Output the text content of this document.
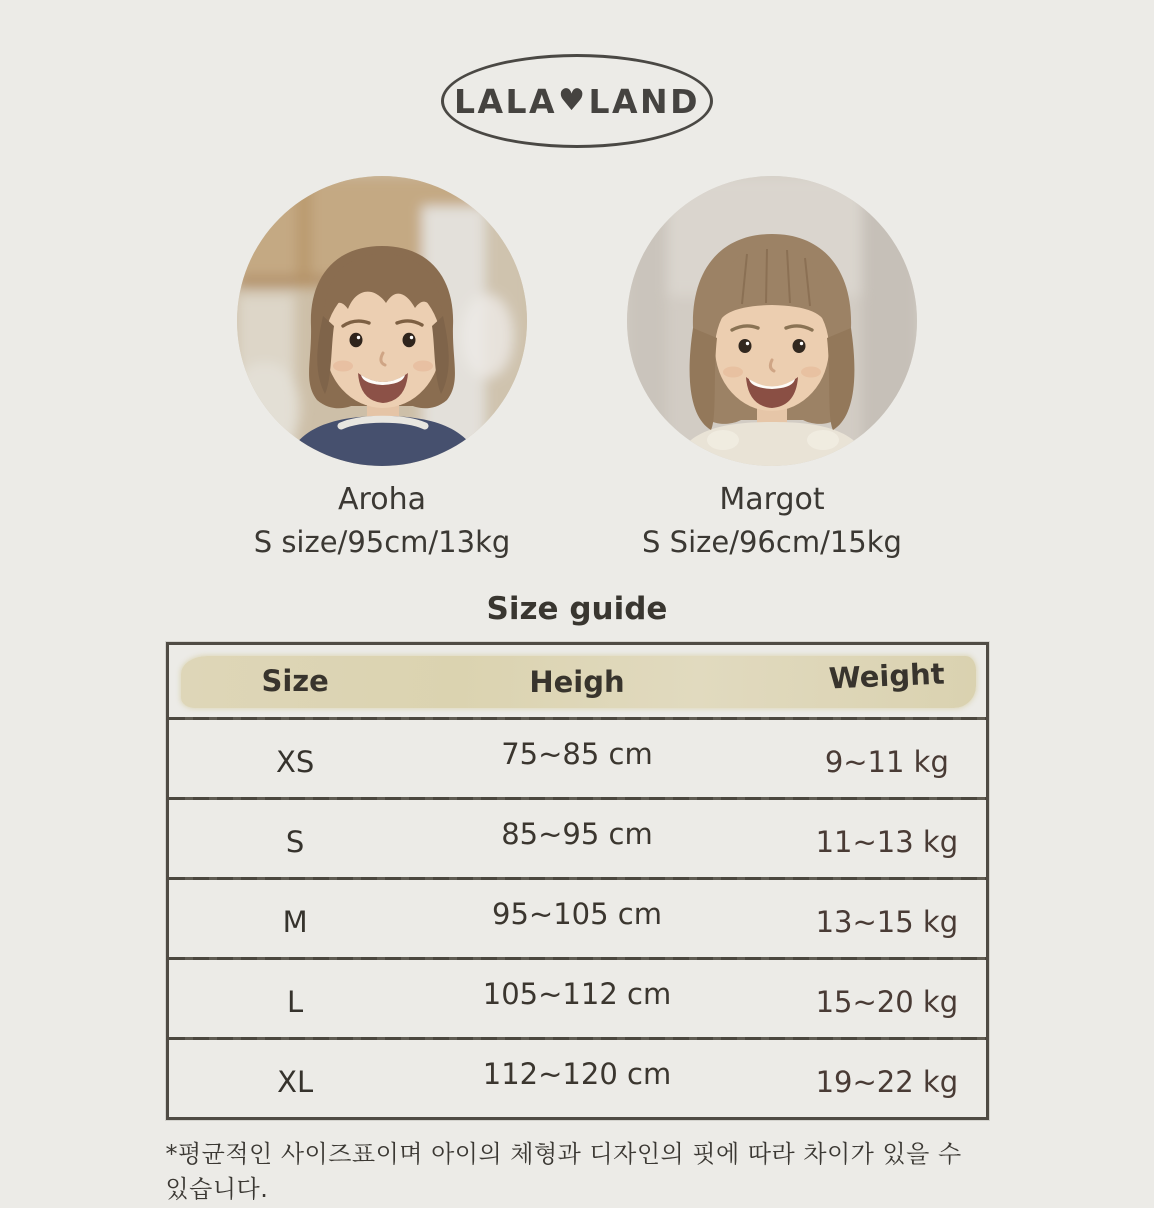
LALA ♥ LAND
Aroha
S size/95cm/13kg
Margot
S Size/96cm/15kg
Size guide
Size	Heigh	Weight
XS	75~85 cm	9~11 kg
S	85~95 cm	11~13 kg
M	95~105 cm	13~15 kg
L	105~112 cm	15~20 kg
XL	112~120 cm	19~22 kg
*평균적인 사이즈표이며 아이의 체형과 디자인의 핏에 따라 차이가 있을 수 있습니다.
